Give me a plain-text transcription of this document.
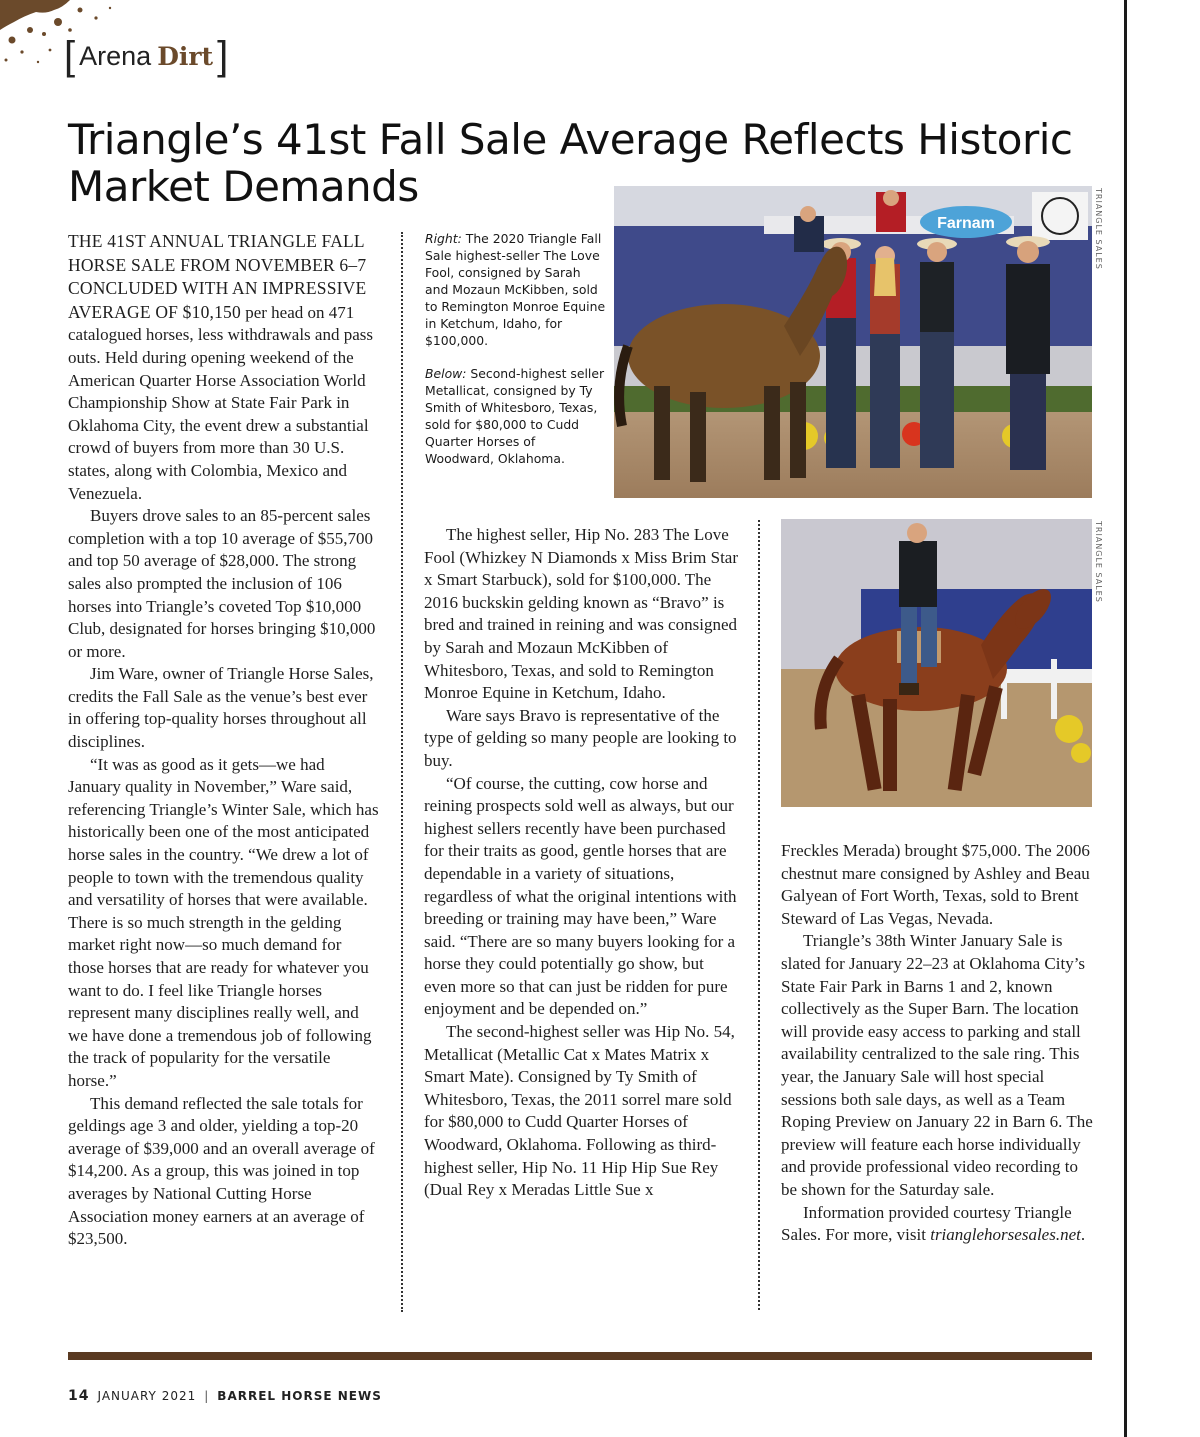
[ Arena Dirt ]
Triangle’s 41st Fall Sale Average Reflects Historic Market Demands

THE 41ST ANNUAL TRIANGLE FALL HORSE SALE FROM NOVEMBER 6–7 CONCLUDED WITH AN IMPRESSIVE AVERAGE OF $10,150 per head on 471 catalogued horses, less withdrawals and pass outs. Held during opening weekend of the American Quarter Horse Association World Championship Show at State Fair Park in Oklahoma City, the event drew a substantial crowd of buyers from more than 30 U.S. states, along with Colombia, Mexico and Venezuela.

Buyers drove sales to an 85-percent sales completion with a top 10 average of $55,700 and top 50 average of $28,000. The strong sales also prompted the inclusion of 106 horses into Triangle’s coveted Top $10,000 Club, designated for horses bringing $10,000 or more.

Jim Ware, owner of Triangle Horse Sales, credits the Fall Sale as the venue’s best ever in offering top-quality horses throughout all disciplines.

“It was as good as it gets—we had January quality in November,” Ware said, referencing Triangle’s Winter Sale, which has historically been one of the most anticipated horse sales in the country. “We drew a lot of people to town with the tremendous quality and versatility of horses that were available. There is so much strength in the gelding market right now—so much demand for those horses that are ready for whatever you want to do. I feel like Triangle horses represent many disciplines really well, and we have done a tremendous job of following the track of popularity for the versatile horse.”

This demand reflected the sale totals for geldings age 3 and older, yielding a top-20 average of $39,000 and an overall average of $14,200. As a group, this was joined in top averages by National Cutting Horse Association money earners at an average of $23,500.

Right: The 2020 Triangle Fall Sale highest-seller The Love Fool, consigned by Sarah and Mozaun McKibben, sold to Remington Monroe Equine in Ketchum, Idaho, for $100,000.

Below: Second-highest seller Metallicat, consigned by Ty Smith of Whitesboro, Texas, sold for $80,000 to Cudd Quarter Horses of Woodward, Oklahoma.

Farnam	TRIANGLE SALES

The highest seller, Hip No. 283 The Love Fool (Whizkey N Diamonds x Miss Brim Star x Smart Starbuck), sold for $100,000. The 2016 buckskin gelding known as “Bravo” is bred and trained in reining and was consigned by Sarah and Mozaun McKibben of Whitesboro, Texas, and sold to Remington Monroe Equine in Ketchum, Idaho.

Ware says Bravo is representative of the type of gelding so many people are looking to buy.

“Of course, the cutting, cow horse and reining prospects sold well as always, but our highest sellers recently have been purchased for their traits as good, gentle horses that are dependable in a variety of situations, regardless of what the original intentions with breeding or training may have been,” Ware said. “There are so many buyers looking for a horse they could potentially go show, but even more so that can just be ridden for pure enjoyment and be depended on.”

The second-highest seller was Hip No. 54, Metallicat (Metallic Cat x Mates Matrix x Smart Mate). Consigned by Ty Smith of Whitesboro, Texas, the 2011 sorrel mare sold for $80,000 to Cudd Quarter Horses of Woodward, Oklahoma. Following as third-highest seller, Hip No. 11 Hip Hip Sue Rey (Dual Rey x Meradas Little Sue x

TRIANGLE SALES

Freckles Merada) brought $75,000. The 2006 chestnut mare consigned by Ashley and Beau Galyean of Fort Worth, Texas, sold to Brent Steward of Las Vegas, Nevada.

Triangle’s 38th Winter January Sale is slated for January 22–23 at Oklahoma City’s State Fair Park in Barns 1 and 2, known collectively as the Super Barn. The location will provide easy access to parking and stall availability centralized to the sale ring. This year, the January Sale will host special sessions both sale days, as well as a Team Roping Preview on January 22 in Barn 6. The preview will feature each horse individually and provide professional video recording to be shown for the Saturday sale.

Information provided courtesy Triangle Sales. For more, visit trianglehorsesales.net.

14 JANUARY 2021 | BARREL HORSE NEWS
